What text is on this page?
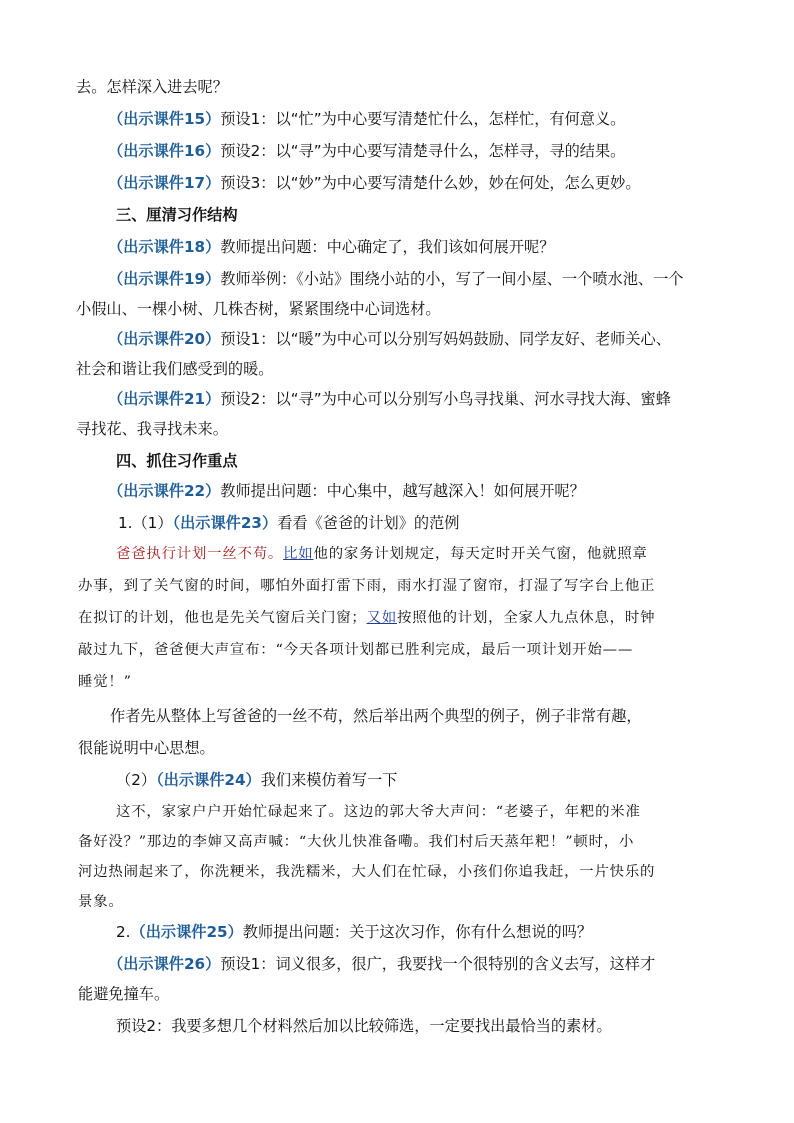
去。怎样深入进去呢？
（出示课件15）预设1：以“忙”为中心要写清楚忙什么，怎样忙，有何意义。
（出示课件16）预设2：以“寻”为中心要写清楚寻什么，怎样寻，寻的结果。
（出示课件17）预设3：以“妙”为中心要写清楚什么妙，妙在何处，怎么更妙。
三、厘清习作结构
（出示课件18）教师提出问题：中心确定了，我们该如何展开呢？
（出示课件19）教师举例：《小站》围绕小站的小，写了一间小屋、一个喷水池、一个
小假山、一棵小树、几株杏树，紧紧围绕中心词选材。
（出示课件20）预设1：以“暖”为中心可以分别写妈妈鼓励、同学友好、老师关心、
社会和谐让我们感受到的暖。
（出示课件21）预设2：以“寻”为中心可以分别写小鸟寻找巢、河水寻找大海、蜜蜂
寻找花、我寻找未来。
四、抓住习作重点
（出示课件22）教师提出问题：中心集中，越写越深入！如何展开呢？
1.（1）（出示课件23）看看《爸爸的计划》的范例
爸爸执行计划一丝不苟。比如他的家务计划规定，每天定时开关气窗，他就照章
办事，到了关气窗的时间，哪怕外面打雷下雨，雨水打湿了窗帘，打湿了写字台上他正
在拟订的计划，他也是先关气窗后关门窗；又如按照他的计划，全家人九点休息，时钟
敲过九下，爸爸便大声宣布：“今天各项计划都已胜利完成，最后一项计划开始——
睡觉！”
作者先从整体上写爸爸的一丝不苟，然后举出两个典型的例子，例子非常有趣，
很能说明中心思想。
（2）（出示课件24）我们来模仿着写一下
这不，家家户户开始忙碌起来了。这边的郭大爷大声问：“老婆子，年粑的米准
备好没？”那边的李婶又高声喊：“大伙儿快准备嘞。我们村后天蒸年粑！”顿时，小
河边热闹起来了，你洗粳米，我洗糯米，大人们在忙碌，小孩们你追我赶，一片快乐的
景象。
2.（出示课件25）教师提出问题：关于这次习作，你有什么想说的吗？
（出示课件26）预设1：词义很多，很广，我要找一个很特别的含义去写，这样才
能避免撞车。
预设2：我要多想几个材料然后加以比较筛选，一定要找出最恰当的素材。
